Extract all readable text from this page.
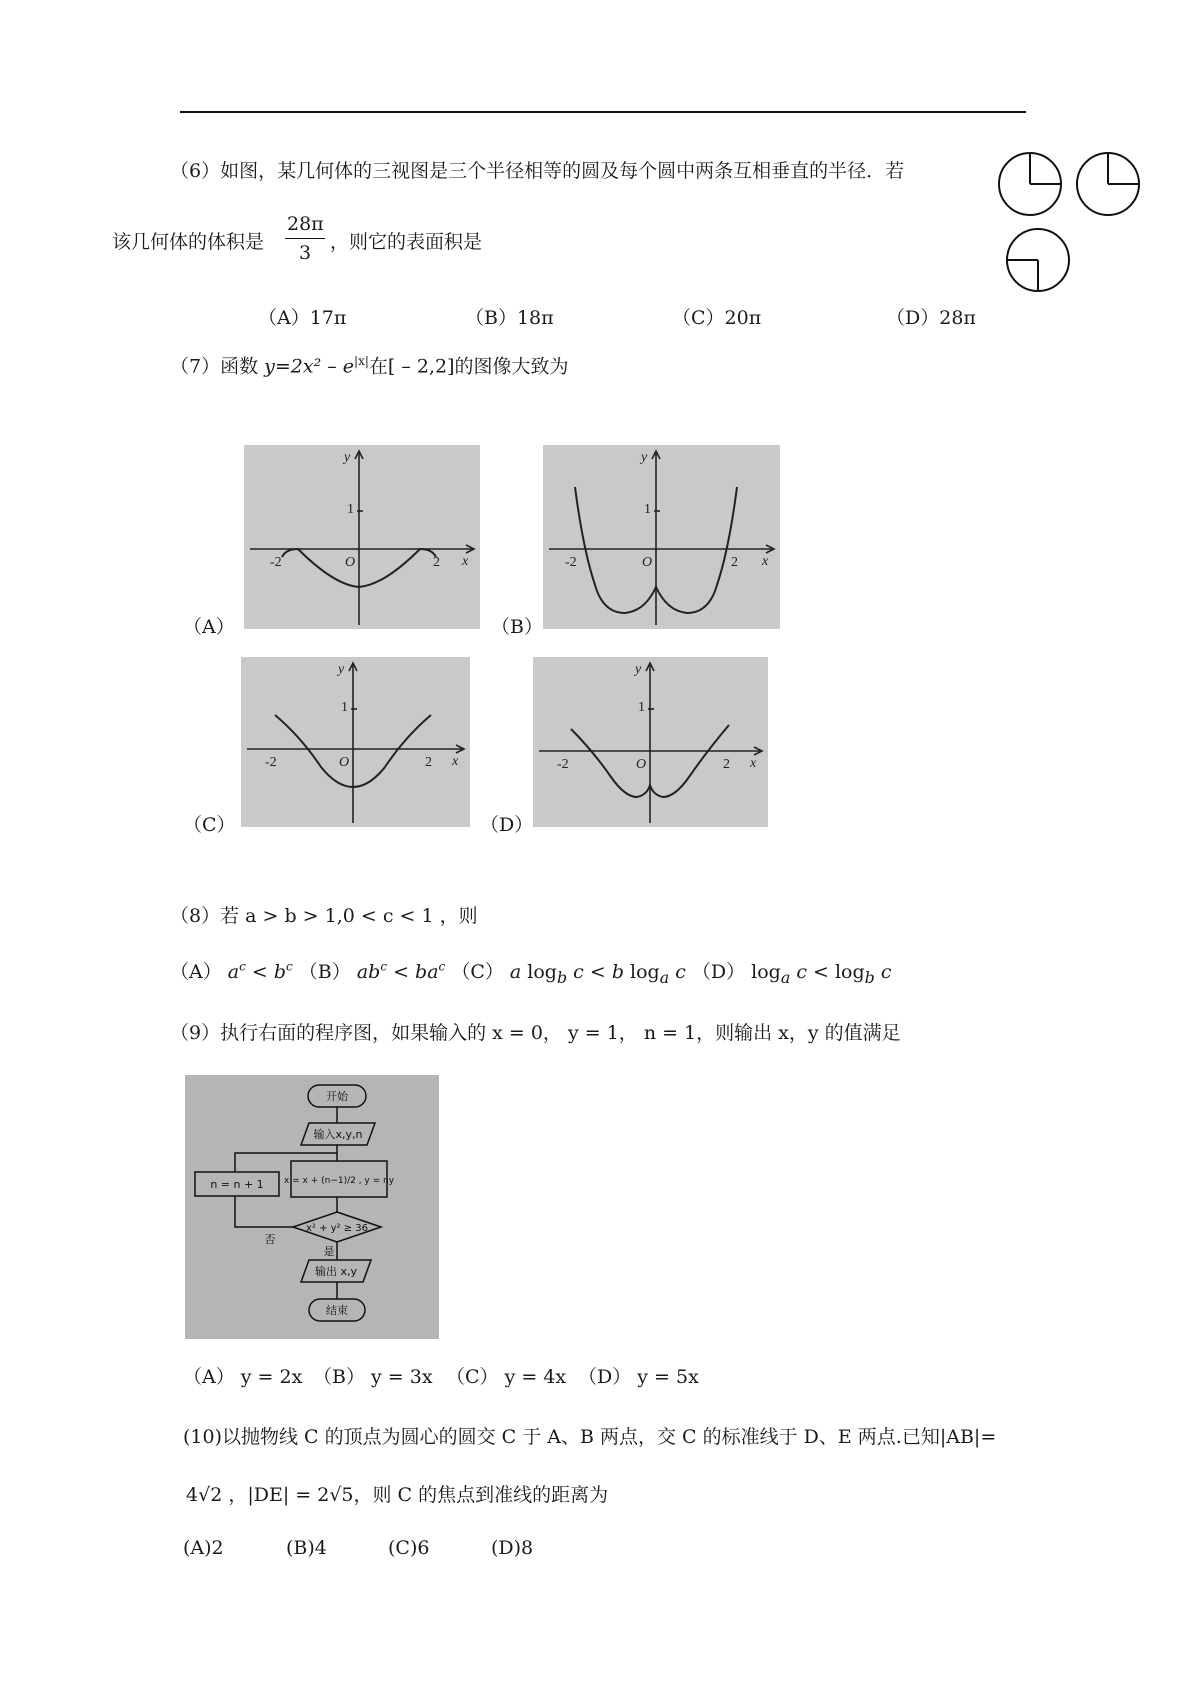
（6）如图，某几何体的三视图是三个半径相等的圆及每个圆中两条互相垂直的半径．若
该几何体的体积是
28π
3 ，则它的表面积是
（A）17π	（B）18π	（C）20π	（D）28π
（7）函数 $y=2x^2 - e^{|x|}$在[ – 2,2]的图像大致为
y
x
O
1
-2	2
（A）
y
x
O
1
-2	2
（B）
y
x
O
1
-2	2
（C）
y
x
O
1
-2	2
（D）
（8）若 a > b > 1,0 < c < 1 ，则
（A） $a^c < b^c$ （B） $ab^c < ba^c$ （C） a $\log_b c < b$ $\log_a c$ （D） $\log_a c < \log_b c$
（9）执行右面的程序图，如果输入的 x = 0， y = 1， n = 1，则输出 x，y 的值满足
开始
输入x,y,n
x = x + (n−1)/2 , y = ny
n = n + 1
x² + y² ≥ 36
否
是
输出 x,y
结束
（A） y = 2x （B） y = 3x （C） y = 4x （D） y = 5x
(10)以抛物线 C 的顶点为圆心的圆交 C 于 A、B 两点，交 C 的标准线于 D、E 两点.已知|AB|=
4√2 ，|DE| = 2√5，则 C 的焦点到准线的距离为
(A)2	(B)4	(C)6	(D)8
